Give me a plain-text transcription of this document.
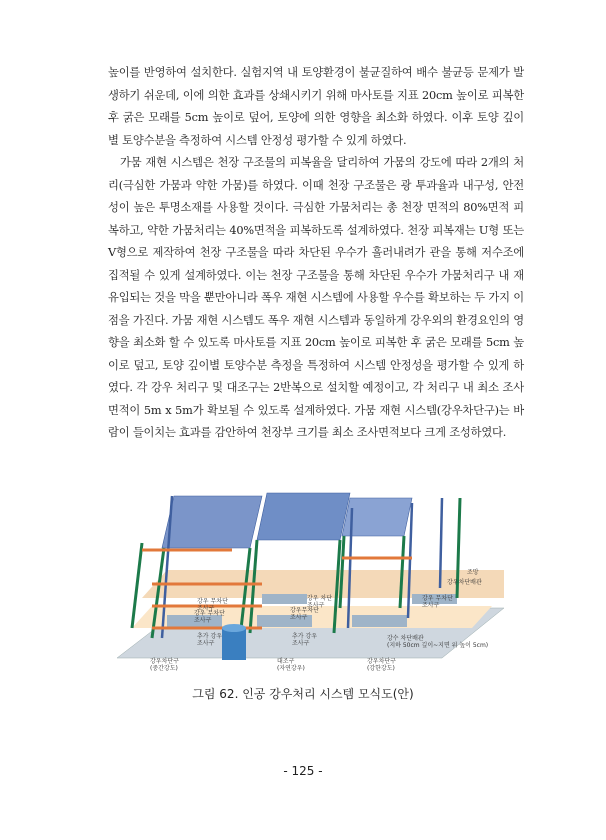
높이를 반영하여 설치한다. 실험지역 내 토양환경이 불균질하여 배수 불균등 문제가 발생하기 쉬운데, 이에 의한 효과를 상쇄시키기 위해 마사토를 지표 20cm 높이로 피복한 후 굵은 모래를 5cm 높이로 덮어, 토양에 의한 영향을 최소화 하였다. 이후 토양 깊이별 토양수분을 측정하여 시스템 안정성 평가할 수 있게 하였다.

가뭄 재현 시스템은 천장 구조물의 피복율을 달리하여 가뭄의 강도에 따라 2개의 처리(극심한 가뭄과 약한 가뭄)를 하였다. 이때 천장 구조물은 광 투과율과 내구성, 안전성이 높은 투명소재를 사용할 것이다. 극심한 가뭄처리는 총 천장 면적의 80%면적 피복하고, 약한 가뭄처리는 40%면적을 피복하도록 설계하였다. 천장 피복재는 U형 또는 V형으로 제작하여 천장 구조물을 따라 차단된 우수가 흘러내려가 관을 통해 저수조에 집적될 수 있게 설계하였다. 이는 천장 구조물을 통해 차단된 우수가 가뭄처리구 내 재유입되는 것을 막을 뿐만아니라 폭우 재현 시스템에 사용할 우수를 확보하는 두 가지 이점을 가진다. 가뭄 재현 시스템도 폭우 재현 시스템과 동일하게 강우외의 환경요인의 영향을 최소화 할 수 있도록 마사토를 지표 20cm 높이로 피복한 후 굵은 모래를 5cm 높이로 덮고, 토양 깊이별 토양수분 측정을 특정하여 시스템 안정성을 평가할 수 있게 하였다. 각 강우 처리구 및 대조구는 2반복으로 설치할 예정이고, 각 처리구 내 최소 조사면적이 5m x 5m가 확보될 수 있도록 설계하였다. 가뭄 재현 시스템(강우차단구)는 바람이 들이치는 효과를 감안하여 천장부 크기를 최소 조사면적보다 크게 조성하였다.

조망
강우차단배관
추가 강우 조사구
추가 강우 조사구
강우무차단 조사구
강수 차단배관 (지하 50cm 깊이~지면 위 높이 5cm)
강우차단구 (중간강도)
대조구 (자연강우)
강우차단구 (강한강도)
강우 차단 조사구
강우 무차단 조사구
강우 무차단 조사구
강우 무차단 조사구
그림 62. 인공 강우처리 시스템 모식도(안)
- 125 -
